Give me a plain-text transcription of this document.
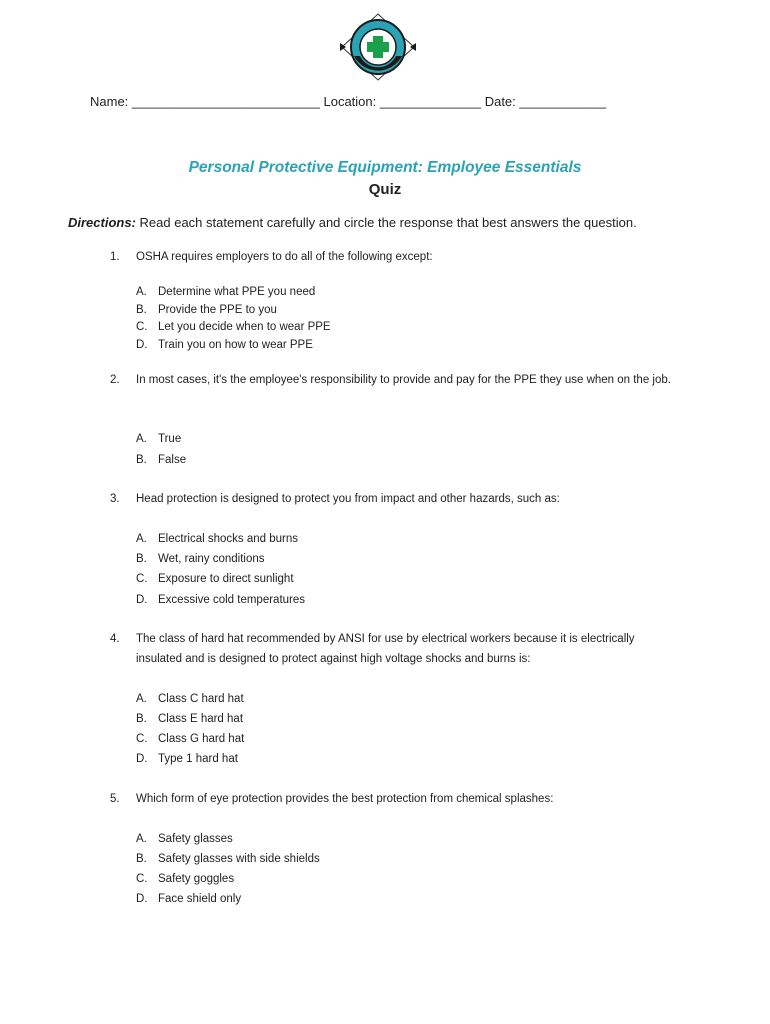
Name: __________________________ Location: ______________ Date: ____________
Personal Protective Equipment: Employee Essentials
Quiz
Directions: Read each statement carefully and circle the response that best answers the question.
1.	OSHA requires employers to do all of the following except:
A. Determine what PPE you need
B. Provide the PPE to you
C. Let you decide when to wear PPE
D. Train you on how to wear PPE
2.	In most cases, it's the employee's responsibility to provide and pay for the PPE they use when on the job.
A. True
B. False
3.	Head protection is designed to protect you from impact and other hazards, such as:
A. Electrical shocks and burns
B. Wet, rainy conditions
C. Exposure to direct sunlight
D. Excessive cold temperatures
4.	The class of hard hat recommended by ANSI for use by electrical workers because it is electrically insulated and is designed to protect against high voltage shocks and burns is:
A. Class C hard hat
B. Class E hard hat
C. Class G hard hat
D. Type 1 hard hat
5.	Which form of eye protection provides the best protection from chemical splashes:
A. Safety glasses
B. Safety glasses with side shields
C. Safety goggles
D. Face shield only
